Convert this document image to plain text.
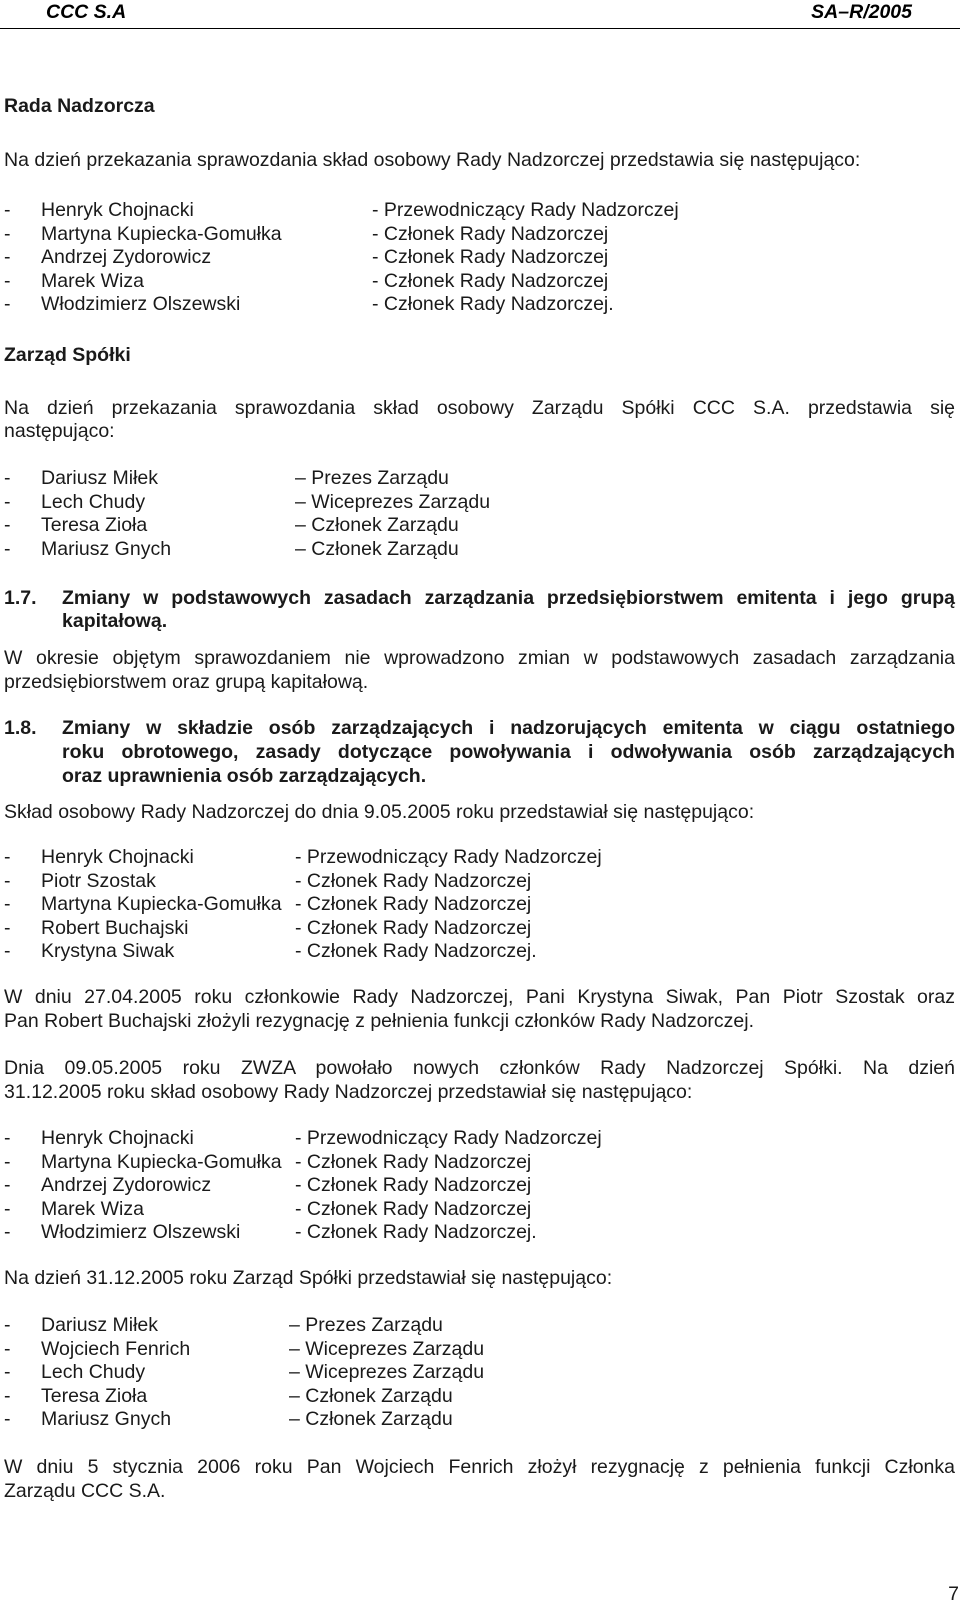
CCC S.A	SA–R/2005
Rada Nadzorcza
Na dzień przekazania sprawozdania skład osobowy Rady Nadzorczej przedstawia się następująco:
- Henryk Chojnacki	- Przewodniczący Rady Nadzorczej
- Martyna Kupiecka-Gomułka	- Członek Rady Nadzorczej
- Andrzej Zydorowicz	- Członek Rady Nadzorczej
- Marek Wiza	- Członek Rady Nadzorczej
- Włodzimierz Olszewski	- Członek Rady Nadzorczej.
Zarząd Spółki
Na dzień przekazania sprawozdania skład osobowy Zarządu Spółki CCC S.A. przedstawia się
następująco:
- Dariusz Miłek	– Prezes Zarządu
- Lech Chudy	– Wiceprezes Zarządu
- Teresa Zioła	– Członek Zarządu
- Mariusz Gnych	– Członek Zarządu
1.7. Zmiany w podstawowych zasadach zarządzania przedsiębiorstwem emitenta i jego grupą
kapitałową.
W okresie objętym sprawozdaniem nie wprowadzono zmian w podstawowych zasadach zarządzania
przedsiębiorstwem oraz grupą kapitałową.
1.8. Zmiany w składzie osób zarządzających i nadzorujących emitenta w ciągu ostatniego
roku obrotowego, zasady dotyczące powoływania i odwoływania osób zarządzających
oraz uprawnienia osób zarządzających.
Skład osobowy Rady Nadzorczej do dnia 9.05.2005 roku przedstawiał się następująco:
- Henryk Chojnacki	- Przewodniczący Rady Nadzorczej
- Piotr Szostak	- Członek Rady Nadzorczej
- Martyna Kupiecka-Gomułka - Członek Rady Nadzorczej
- Robert Buchajski	- Członek Rady Nadzorczej
- Krystyna Siwak	- Członek Rady Nadzorczej.
W dniu 27.04.2005 roku członkowie Rady Nadzorczej, Pani Krystyna Siwak, Pan Piotr Szostak oraz
Pan Robert Buchajski złożyli rezygnację z pełnienia funkcji członków Rady Nadzorczej.
Dnia 09.05.2005 roku ZWZA powołało nowych członków Rady Nadzorczej Spółki. Na dzień
31.12.2005 roku skład osobowy Rady Nadzorczej przedstawiał się następująco:
- Henryk Chojnacki	- Przewodniczący Rady Nadzorczej
- Martyna Kupiecka-Gomułka - Członek Rady Nadzorczej
- Andrzej Zydorowicz	- Członek Rady Nadzorczej
- Marek Wiza	- Członek Rady Nadzorczej
- Włodzimierz Olszewski	- Członek Rady Nadzorczej.
Na dzień 31.12.2005 roku Zarząd Spółki przedstawiał się następująco:
- Dariusz Miłek	– Prezes Zarządu
- Wojciech Fenrich	– Wiceprezes Zarządu
- Lech Chudy	– Wiceprezes Zarządu
- Teresa Zioła	– Członek Zarządu
- Mariusz Gnych	– Członek Zarządu
W dniu 5 stycznia 2006 roku Pan Wojciech Fenrich złożył rezygnację z pełnienia funkcji Członka
Zarządu CCC S.A.
7
